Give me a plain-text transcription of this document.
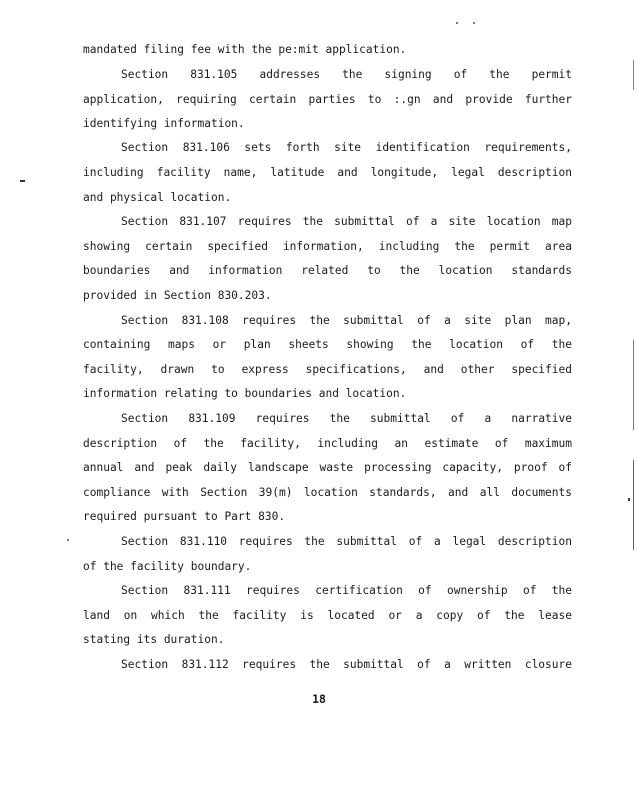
mandated filing fee with the pe:mit application.
Section 831.105 addresses the signing of the permit
application, requiring certain parties to :.gn and provide further
identifying information.
Section 831.106 sets forth site identification requirements,
including facility name, latitude and longitude, legal description
and physical location.
Section 831.107 requires the submittal of a site location map
showing certain specified information, including the permit area
boundaries and information related to the location standards
provided in Section 830.203.
Section 831.108 requires the submittal of a site plan map,
containing maps or plan sheets showing the location of the
facility, drawn to express specifications, and other specified
information relating to boundaries and location.
Section 831.109 requires the submittal of a narrative
description of the facility, including an estimate of maximum
annual and peak daily landscape waste processing capacity, proof of
compliance with Section 39(m) location standards, and all documents
required pursuant to Part 830.
Section 831.110 requires the submittal of a legal description
of the facility boundary.
Section 831.111 requires certification of ownership of the
land on which the facility is located or a copy of the lease
stating its duration.
Section 831.112 requires the submittal of a written closure
18
